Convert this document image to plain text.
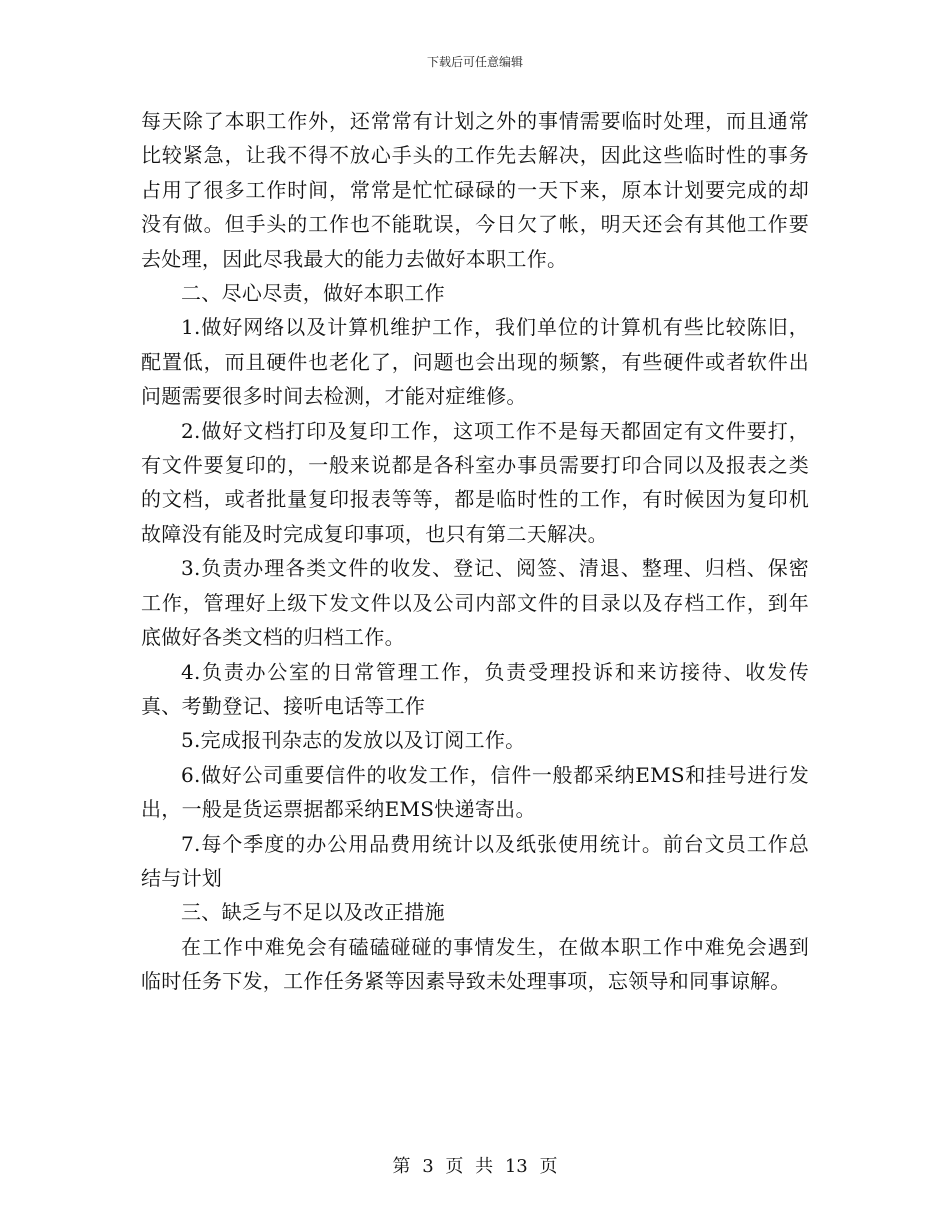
下载后可任意编辑

每天除了本职工作外，还常常有计划之外的事情需要临时处理，而且通常比较紧急，让我不得不放心手头的工作先去解决，因此这些临时性的事务占用了很多工作时间，常常是忙忙碌碌的一天下来，原本计划要完成的却没有做。但手头的工作也不能耽误，今日欠了帐，明天还会有其他工作要去处理，因此尽我最大的能力去做好本职工作。

二、尽心尽责，做好本职工作

1.做好网络以及计算机维护工作，我们单位的计算机有些比较陈旧，配置低，而且硬件也老化了，问题也会出现的频繁，有些硬件或者软件出问题需要很多时间去检测，才能对症维修。

2.做好文档打印及复印工作，这项工作不是每天都固定有文件要打，有文件要复印的，一般来说都是各科室办事员需要打印合同以及报表之类的文档，或者批量复印报表等等，都是临时性的工作，有时候因为复印机故障没有能及时完成复印事项，也只有第二天解决。

3.负责办理各类文件的收发、登记、阅签、清退、整理、归档、保密工作，管理好上级下发文件以及公司内部文件的目录以及存档工作，到年底做好各类文档的归档工作。

4.负责办公室的日常管理工作，负责受理投诉和来访接待、收发传真、考勤登记、接听电话等工作

5.完成报刊杂志的发放以及订阅工作。

6.做好公司重要信件的收发工作，信件一般都采纳EMS和挂号进行发出，一般是货运票据都采纳EMS快递寄出。

7.每个季度的办公用品费用统计以及纸张使用统计。前台文员工作总结与计划

三、缺乏与不足以及改正措施

在工作中难免会有磕磕碰碰的事情发生，在做本职工作中难免会遇到临时任务下发，工作任务紧等因素导致未处理事项，忘领导和同事谅解。

第 3 页 共 13 页
